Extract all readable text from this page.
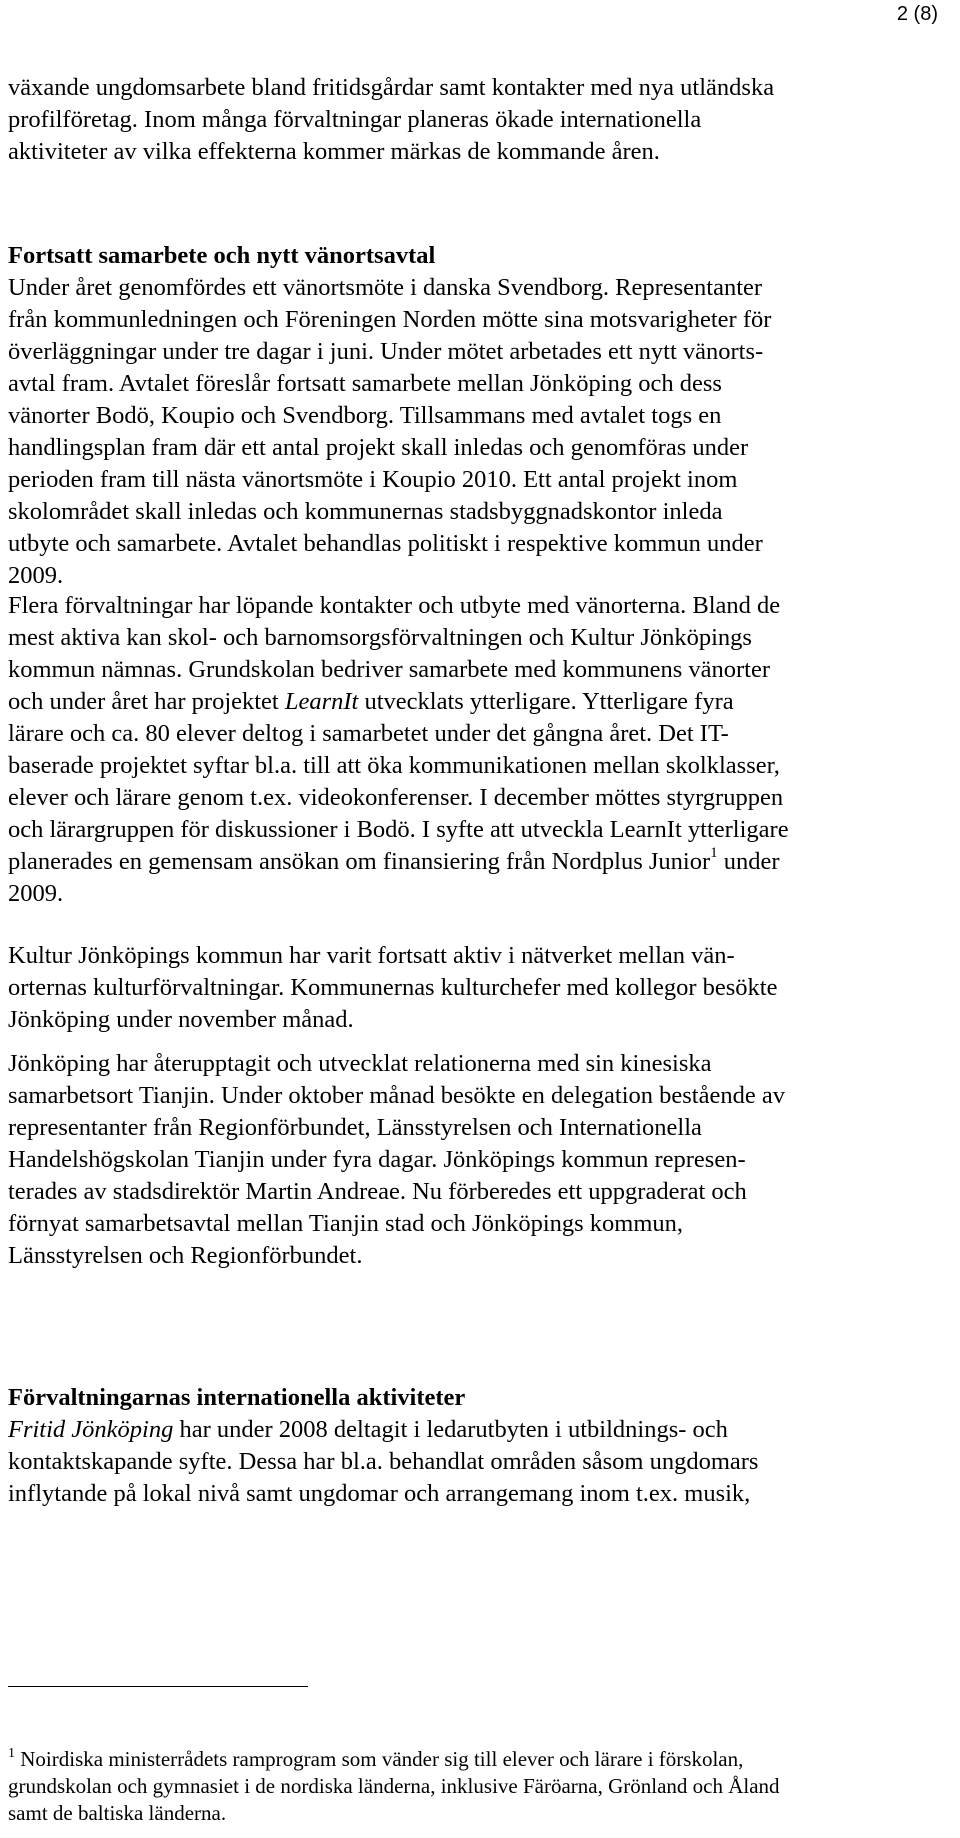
2 (8)
växande ungdomsarbete bland fritidsgårdar samt kontakter med nya utländska
profilföretag. Inom många förvaltningar planeras ökade internationella
aktiviteter av vilka effekterna kommer märkas de kommande åren.
Fortsatt samarbete och nytt vänortsavtal
Under året genomfördes ett vänortsmöte i danska Svendborg. Representanter
från kommunledningen och Föreningen Norden mötte sina motsvarigheter för
överläggningar under tre dagar i juni. Under mötet arbetades ett nytt vänorts-
avtal fram. Avtalet föreslår fortsatt samarbete mellan Jönköping och dess
vänorter Bodö, Koupio och Svendborg. Tillsammans med avtalet togs en
handlingsplan fram där ett antal projekt skall inledas och genomföras under
perioden fram till nästa vänortsmöte i Koupio 2010. Ett antal projekt inom
skolområdet skall inledas och kommunernas stadsbyggnadskontor inleda
utbyte och samarbete. Avtalet behandlas politiskt i respektive kommun under
2009.
Flera förvaltningar har löpande kontakter och utbyte med vänorterna. Bland de
mest aktiva kan skol- och barnomsorgsförvaltningen och Kultur Jönköpings
kommun nämnas. Grundskolan bedriver samarbete med kommunens vänorter
och under året har projektet LearnIt utvecklats ytterligare. Ytterligare fyra
lärare och ca. 80 elever deltog i samarbetet under det gångna året. Det IT-
baserade projektet syftar bl.a. till att öka kommunikationen mellan skolklasser,
elever och lärare genom t.ex. videokonferenser. I december möttes styrgruppen
och lärargruppen för diskussioner i Bodö. I syfte att utveckla LearnIt ytterligare
planerades en gemensam ansökan om finansiering från Nordplus Junior$^1$ under
2009.
Kultur Jönköpings kommun har varit fortsatt aktiv i nätverket mellan vän-
orternas kulturförvaltningar. Kommunernas kulturchefer med kollegor besökte
Jönköping under november månad.
Jönköping har återupptagit och utvecklat relationerna med sin kinesiska
samarbetsort Tianjin. Under oktober månad besökte en delegation bestående av
representanter från Regionförbundet, Länsstyrelsen och Internationella
Handelshögskolan Tianjin under fyra dagar. Jönköpings kommun represen-
terades av stadsdirektör Martin Andreae. Nu förberedes ett uppgraderat och
förnyat samarbetsavtal mellan Tianjin stad och Jönköpings kommun,
Länsstyrelsen och Regionförbundet.
Förvaltningarnas internationella aktiviteter
Fritid Jönköping har under 2008 deltagit i ledarutbyten i utbildnings- och
kontaktskapande syfte. Dessa har bl.a. behandlat områden såsom ungdomars
inflytande på lokal nivå samt ungdomar och arrangemang inom t.ex. musik,
$^1$ Noirdiska ministerrådets ramprogram som vänder sig till elever och lärare i förskolan,
grundskolan och gymnasiet i de nordiska länderna, inklusive Färöarna, Grönland och Åland
samt de baltiska länderna.
